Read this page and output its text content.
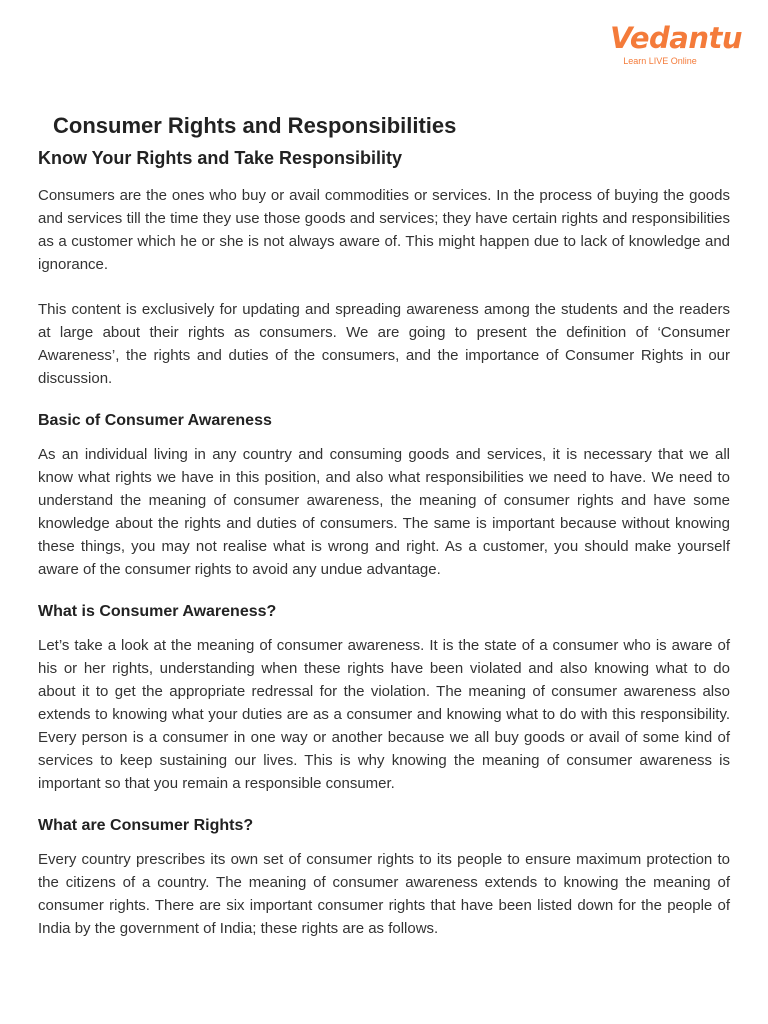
Vedantu
Learn LIVE Online
Consumer Rights and Responsibilities
Know Your Rights and Take Responsibility

Consumers are the ones who buy or avail commodities or services. In the process of buying the goods and services till the time they use those goods and services; they have certain rights and responsibilities as a customer which he or she is not always aware of. This might happen due to lack of knowledge and ignorance.

This content is exclusively for updating and spreading awareness among the students and the readers at large about their rights as consumers. We are going to present the definition of ‘Consumer Awareness’, the rights and duties of the consumers, and the importance of Consumer Rights in our discussion.

Basic of Consumer Awareness

As an individual living in any country and consuming goods and services, it is necessary that we all know what rights we have in this position, and also what responsibilities we need to have. We need to understand the meaning of consumer awareness, the meaning of consumer rights and have some knowledge about the rights and duties of consumers. The same is important because without knowing these things, you may not realise what is wrong and right. As a customer, you should make yourself aware of the consumer rights to avoid any undue advantage.

What is Consumer Awareness?

Let’s take a look at the meaning of consumer awareness. It is the state of a consumer who is aware of his or her rights, understanding when these rights have been violated and also knowing what to do about it to get the appropriate redressal for the violation. The meaning of consumer awareness also extends to knowing what your duties are as a consumer and knowing what to do with this responsibility. Every person is a consumer in one way or another because we all buy goods or avail of some kind of services to keep sustaining our lives. This is why knowing the meaning of consumer awareness is important so that you remain a responsible consumer.

What are Consumer Rights?

Every country prescribes its own set of consumer rights to its people to ensure maximum protection to the citizens of a country. The meaning of consumer awareness extends to knowing the meaning of consumer rights. There are six important consumer rights that have been listed down for the people of India by the government of India; these rights are as follows.
